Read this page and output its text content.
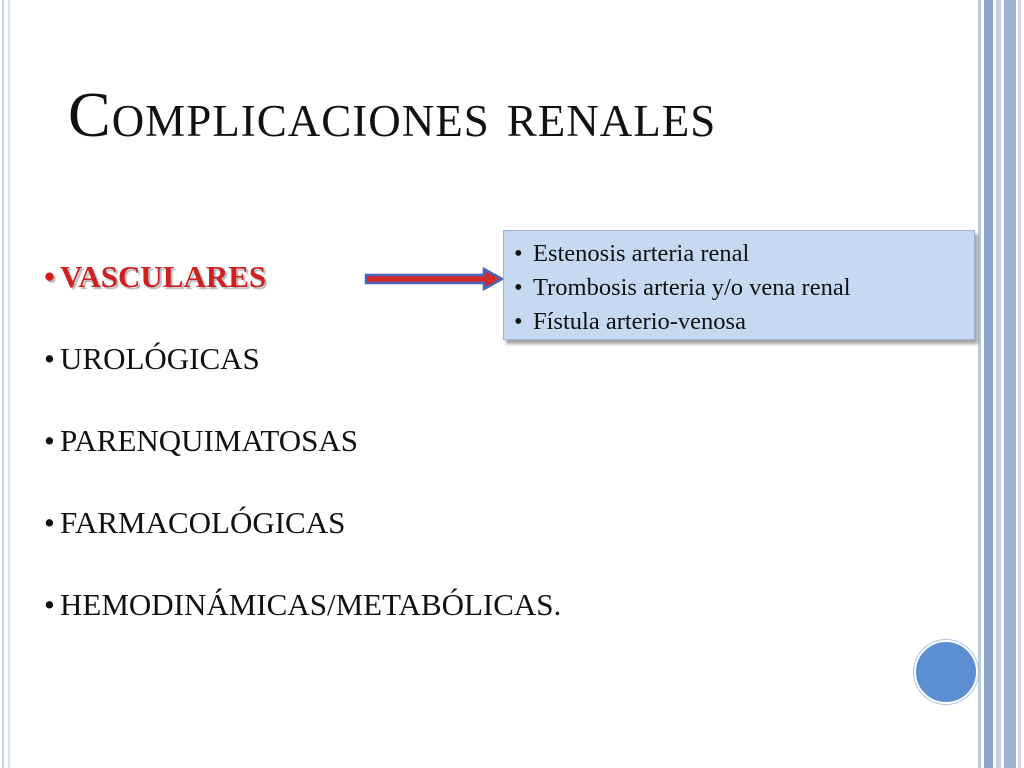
Complicaciones renales
• VASCULARES
• UROLÓGICAS
• PARENQUIMATOSAS
• FARMACOLÓGICAS
• HEMODINÁMICAS/METABÓLICAS.
• Estenosis arteria renal
• Trombosis arteria y/o vena renal
• Fístula arterio-venosa
